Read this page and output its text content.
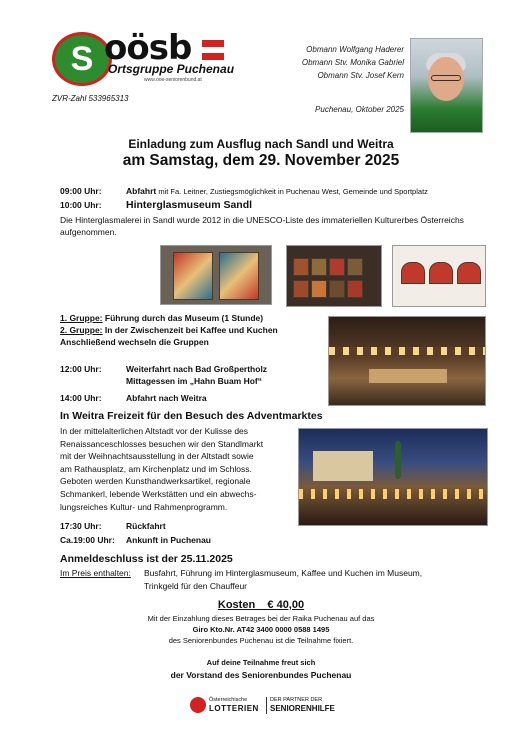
S oösb
Ortsgruppe Puchenau
www.ooe-seniorenbund.at
Obmann Wolfgang Haderer
Obmann Stv. Monika Gabriel
Obmann Stv. Josef Kern
Puchenau, Oktober 2025
ZVR-Zahl 533965313
Einladung zum Ausflug nach Sandl und Weitra
am Samstag, dem 29. November 2025
09:00 Uhr:	Abfahrt mit Fa. Leitner, Zustiegsmöglichkeit in Puchenau West, Gemeinde und Sportplatz
10:00 Uhr: Hinterglasmuseum Sandl
Die Hinterglasmalerei in Sandl wurde 2012 in die UNESCO-Liste des immateriellen Kulturerbes Österreichs aufgenommen.
1. Gruppe: Führung durch das Museum (1 Stunde)
2. Gruppe: In der Zwischenzeit bei Kaffee und Kuchen
Anschließend wechseln die Gruppen
12:00 Uhr:	Weiterfahrt nach Bad Großpertholz
Mittagessen im „Hahn Buam Hof“
14:00 Uhr:	Abfahrt nach Weitra
In Weitra Freizeit für den Besuch des Adventmarktes
In der mittelalterlichen Altstadt vor der Kulisse des
Renaissanceschlosses besuchen wir den Standlmarkt
mit der Weihnachtsausstellung in der Altstadt sowie
am Rathausplatz, am Kirchenplatz und im Schloss.
Geboten werden Kunsthandwerksartikel, regionale
Schmankerl, lebende Werkstätten und ein abwechs-
lungsreiches Kultur- und Rahmenprogramm.
17:30 Uhr:	Rückfahrt
Ca.19:00 Uhr: Ankunft in Puchenau
Anmeldeschluss ist der 25.11.2025
Im Preis enthalten: Busfahrt, Führung im Hinterglasmuseum, Kaffee und Kuchen im Museum,
Trinkgeld für den Chauffeur
Kosten    € 40,00
Mit der Einzahlung dieses Betrages bei der Raika Puchenau auf das
Giro Kto.Nr. AT42 3400 0000 0588 1495
des Seniorenbundes Puchenau ist die Teilnahme fixiert.
Auf deine Teilnahme freut sich
der Vorstand des Seniorenbundes Puchenau
Österreichische
LOTTERIEN
DER PARTNER DER
SENIORENHILFE
